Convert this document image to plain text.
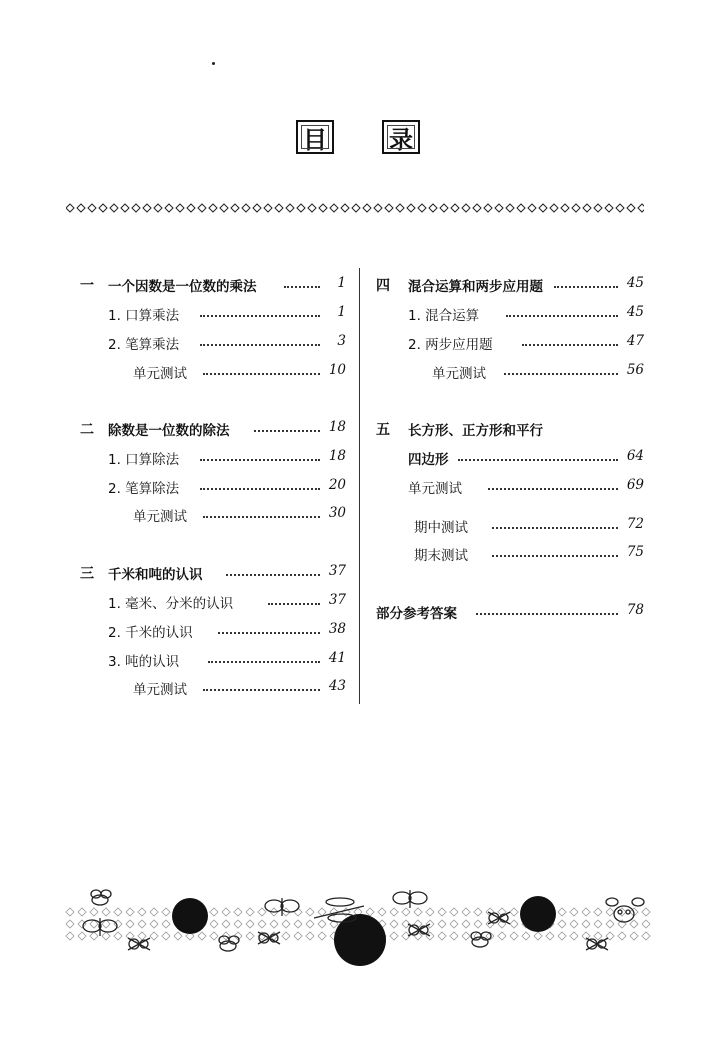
目	录
一 一个因数是一位数的乘法	1
1. 口算乘法	1
2. 笔算乘法	3
单元测试	10
二 除数是一位数的除法	18
1. 口算除法	18
2. 笔算除法	20
单元测试	30
三 千米和吨的认识	37
1. 毫米、分米的认识	37
2. 千米的认识	38
3. 吨的认识	41
单元测试	43
四 混合运算和两步应用题	45
1. 混合运算	45
2. 两步应用题	47
单元测试	56
五 长方形、正方形和平行
四边形	64
单元测试	69
期中测试	72
期末测试	75
部分参考答案	78
